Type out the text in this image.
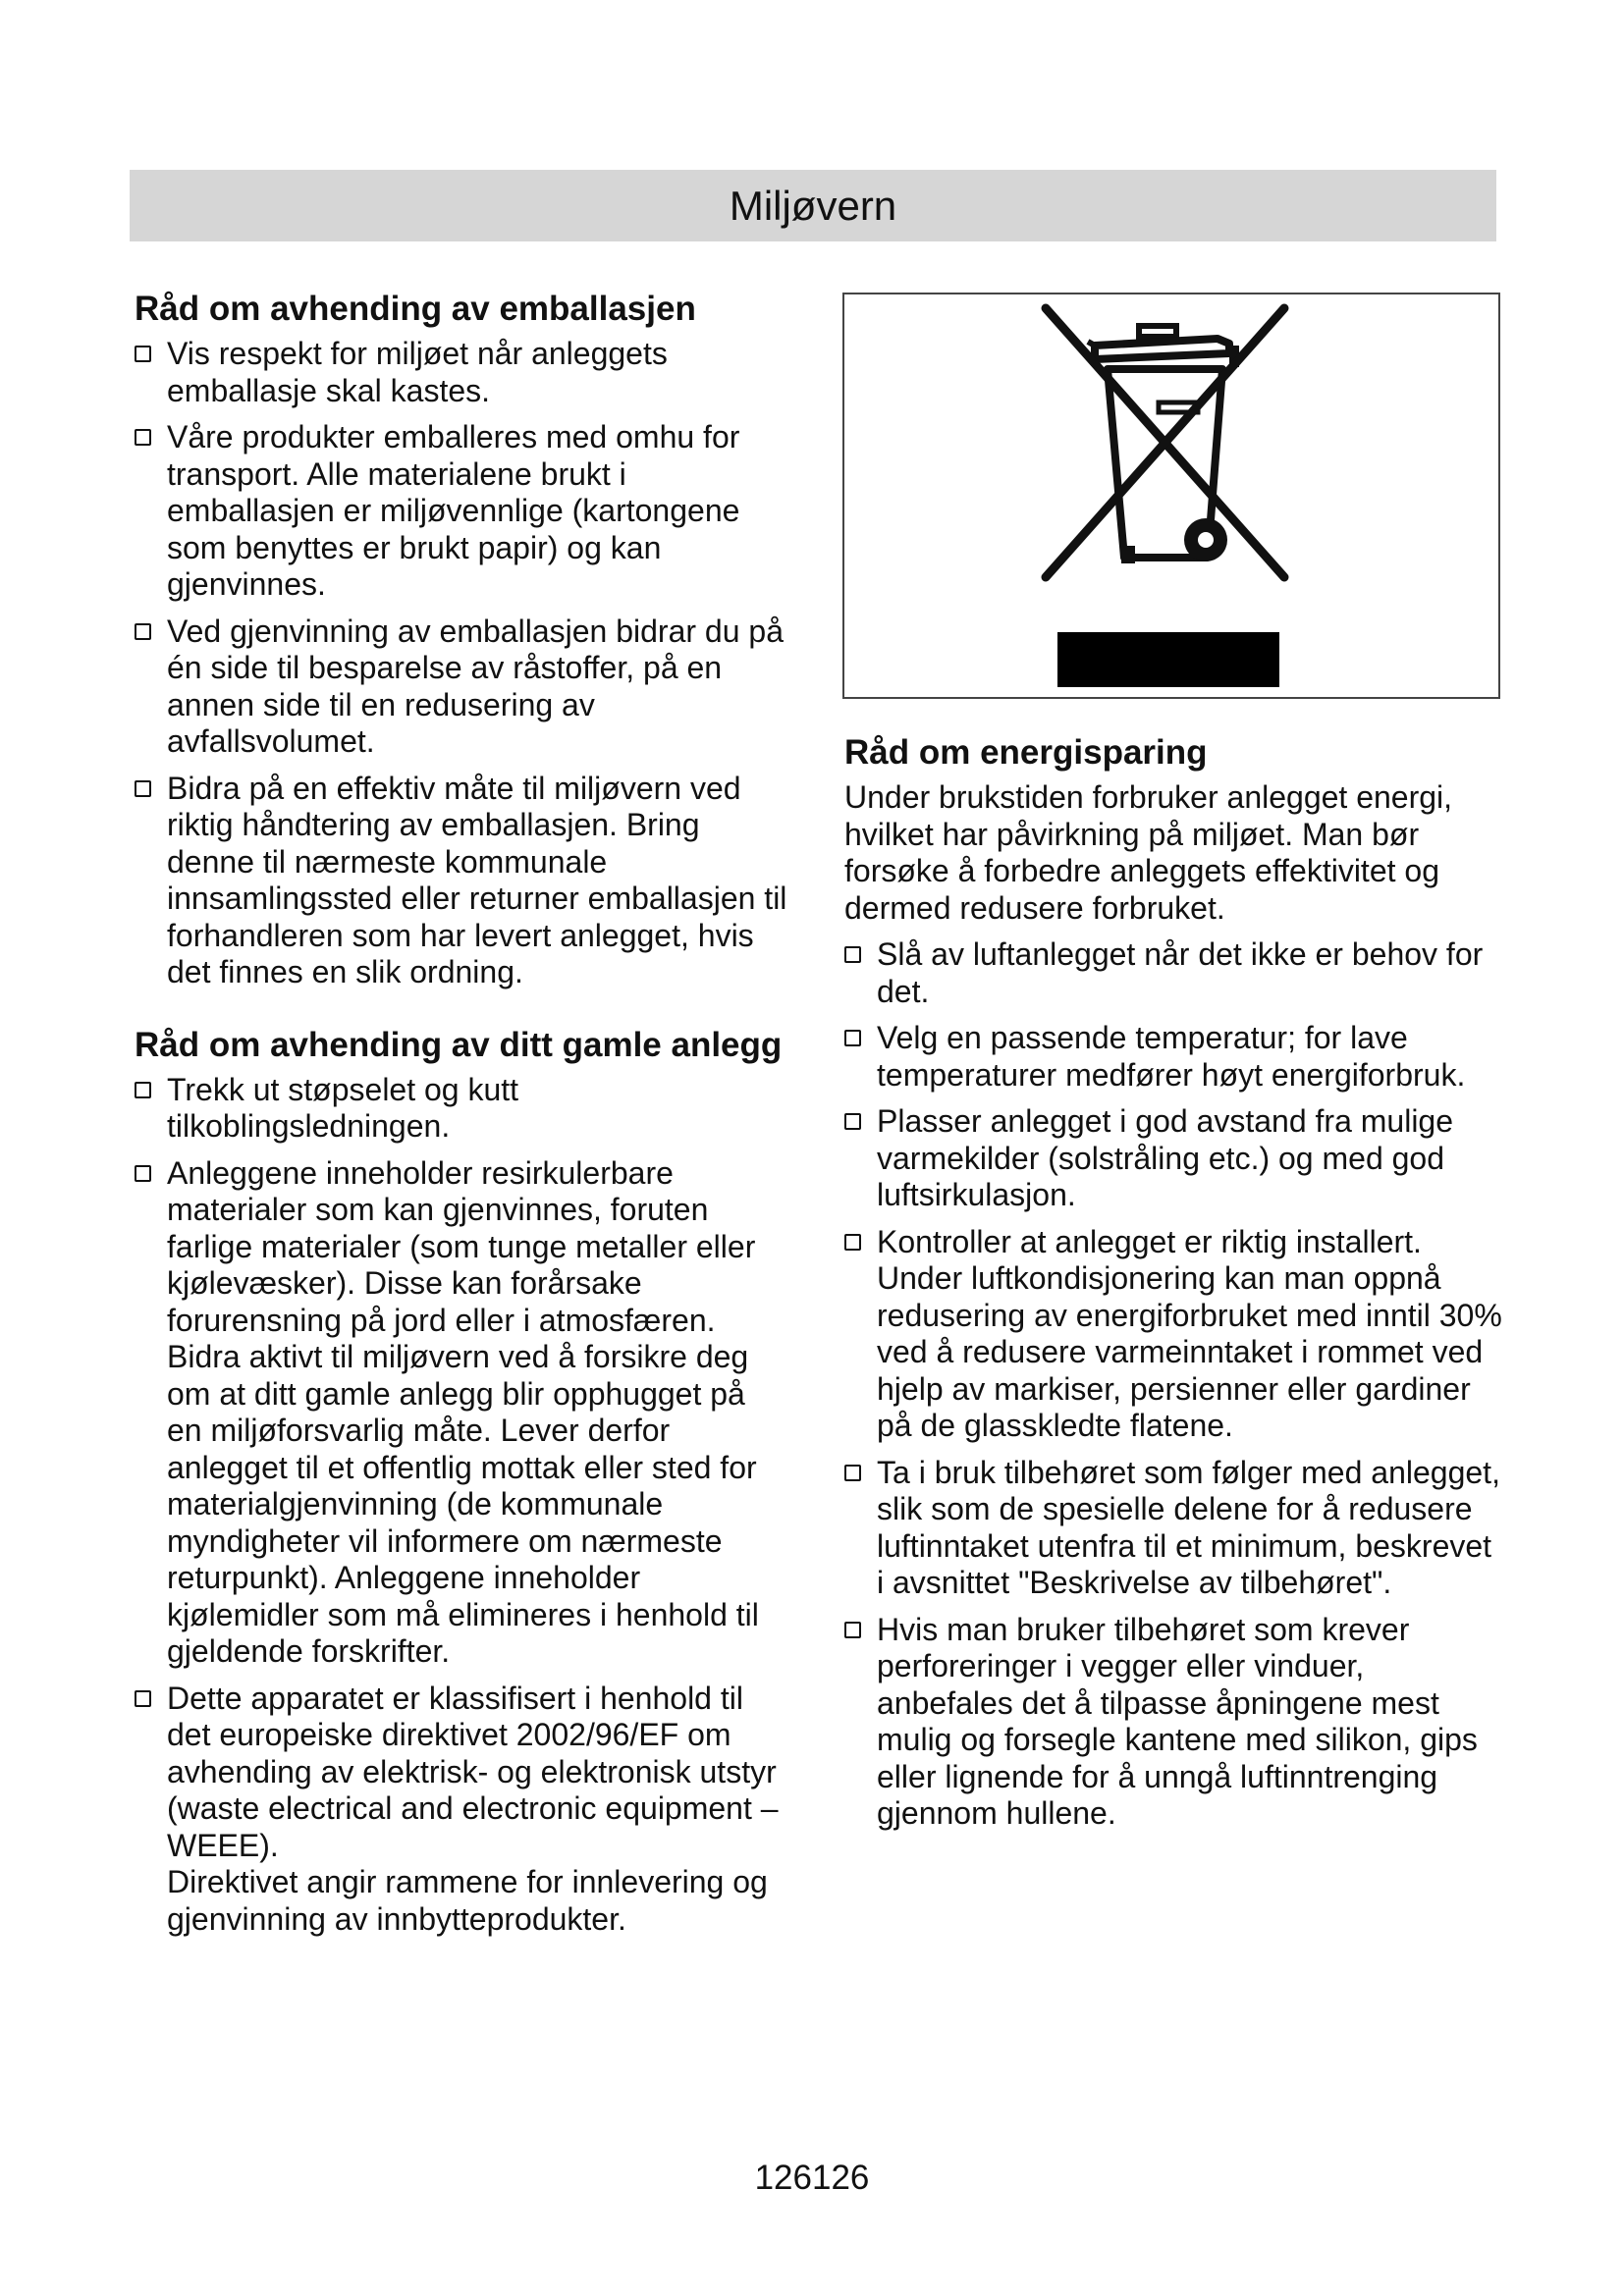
Miljøvern
Råd om avhending av emballasjen
Vis respekt for miljøet når anleggets emballasje skal kastes.
Våre produkter emballeres med omhu for transport. Alle materialene brukt i emballasjen er miljøvennlige (kartongene som benyttes er brukt papir) og kan gjenvinnes.
Ved gjenvinning av emballasjen bidrar du på én side til besparelse av råstoffer, på en annen side til en redusering av avfallsvolumet.
Bidra på en effektiv måte til miljøvern ved riktig håndtering av emballasjen. Bring denne til nærmeste kommunale innsamlingssted eller returner emballasjen til forhandleren som har levert anlegget, hvis det finnes en slik ordning.
Råd om avhending av ditt gamle anlegg
Trekk ut støpselet og kutt tilkoblingsledningen.
Anleggene inneholder resirkulerbare materialer som kan gjenvinnes, foruten farlige materialer (som tunge metaller eller kjølevæsker). Disse kan forårsake forurensning på jord eller i atmosfæren. Bidra aktivt til miljøvern ved å forsikre deg om at ditt gamle anlegg blir opphugget på en miljøforsvarlig måte. Lever derfor anlegget til et offentlig mottak eller sted for materialgjenvinning (de kommunale myndigheter vil informere om nærmeste returpunkt). Anleggene inneholder kjølemidler som må elimineres i henhold til gjeldende forskrifter.
Dette apparatet er klassifisert i henhold til det europeiske direktivet 2002/96/EF om avhending av elektrisk- og elektronisk utstyr (waste electrical and electronic equipment – WEEE).
Direktivet angir rammene for innlevering og gjenvinning av innbytteprodukter.
Råd om energisparing

Under brukstiden forbruker anlegget energi, hvilket har påvirkning på miljøet. Man bør forsøke å forbedre anleggets effektivitet og dermed redusere forbruket.

Slå av luftanlegget når det ikke er behov for det.
Velg en passende temperatur; for lave temperaturer medfører høyt energiforbruk.
Plasser anlegget i god avstand fra mulige varmekilder (solstråling etc.) og med god luftsirkulasjon.
Kontroller at anlegget er riktig installert. Under luftkondisjonering kan man oppnå redusering av energiforbruket med inntil 30% ved å redusere varmeinntaket i rommet ved hjelp av markiser, persienner eller gardiner på de glasskledte flatene.
Ta i bruk tilbehøret som følger med anlegget, slik som de spesielle delene for å redusere luftinntaket utenfra til et minimum, beskrevet i avsnittet "Beskrivelse av tilbehøret".
Hvis man bruker tilbehøret som krever perforeringer i vegger eller vinduer, anbefales det å tilpasse åpningene mest mulig og forsegle kantene med silikon, gips eller lignende for å unngå luftinntrenging gjennom hullene.
126126
